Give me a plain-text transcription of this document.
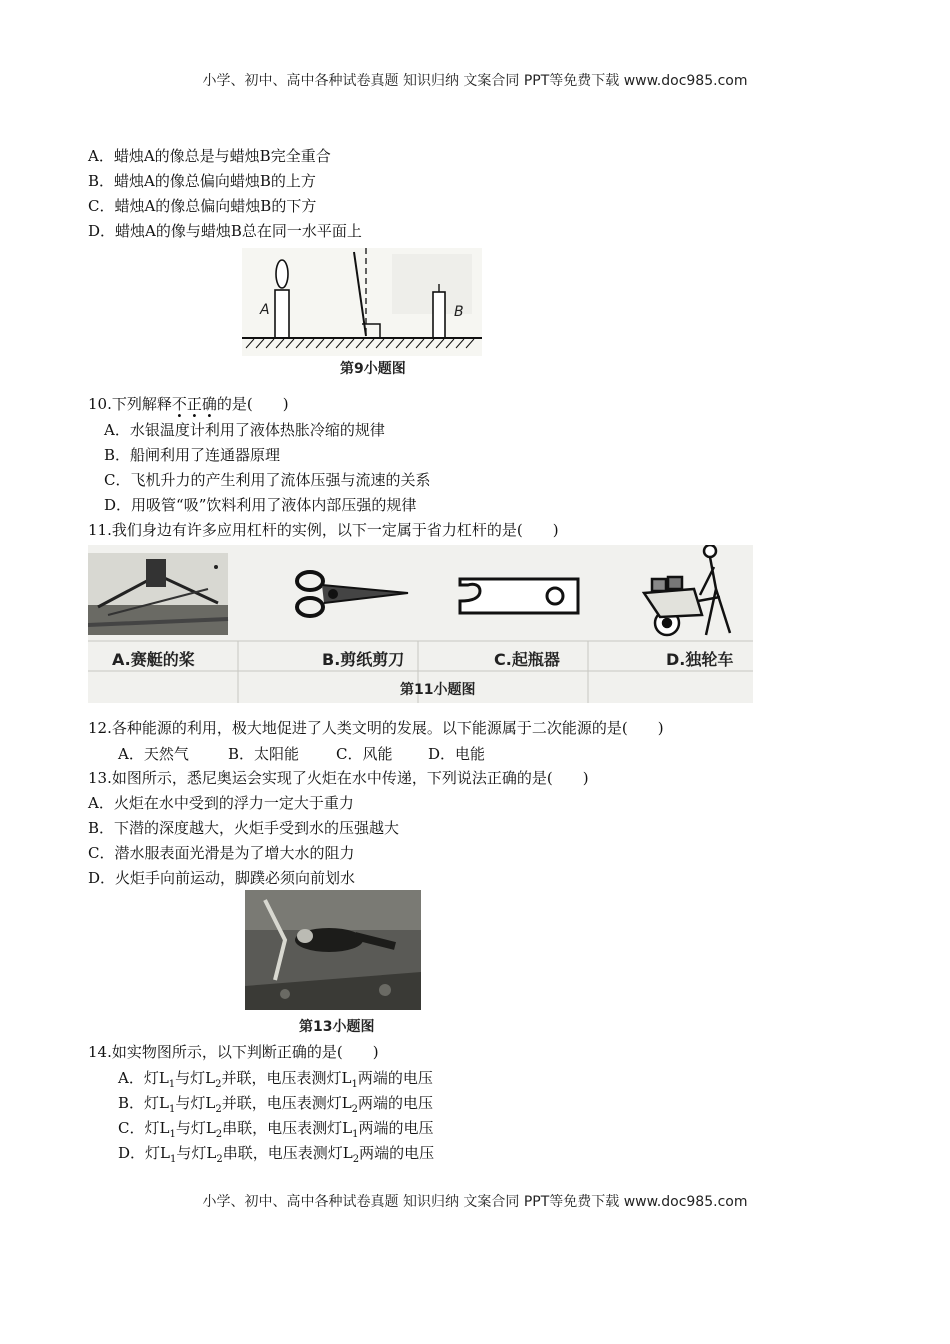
小学、初中、高中各种试卷真题 知识归纳 文案合同 PPT等免费下载 www.doc985.com
A．蜡烛A的像总是与蜡烛B完全重合
B．蜡烛A的像总偏向蜡烛B的上方
C．蜡烛A的像总偏向蜡烛B的下方
D．蜡烛A的像与蜡烛B总在同一水平面上
A	B
第9小题图
10.下列解释不正确的是(　　)
A．水银温度计利用了液体热胀冷缩的规律
B．船闸利用了连通器原理
C．飞机升力的产生利用了流体压强与流速的关系
D．用吸管“吸”饮料利用了液体内部压强的规律
11.我们身边有许多应用杠杆的实例，以下一定属于省力杠杆的是(　　)
A.赛艇的桨	B.剪纸剪刀	C.起瓶器	D.独轮车
第11小题图
12.各种能源的利用，极大地促进了人类文明的发展。以下能源属于二次能源的是(　　)
A．天然气	B．太阳能 C．风能 D．电能
13.如图所示，悉尼奥运会实现了火炬在水中传递，下列说法正确的是(　　)
A．火炬在水中受到的浮力一定大于重力
B．下潜的深度越大，火炬手受到水的压强越大
C．潜水服表面光滑是为了增大水的阻力
D．火炬手向前运动，脚蹼必须向前划水
第13小题图
14.如实物图所示，以下判断正确的是(　　)
A．灯$L_1$与灯$L_2$并联，电压表测灯$L_1$两端的电压
B．灯$L_1$与灯$L_2$并联，电压表测灯$L_2$两端的电压
C．灯$L_1$与灯$L_2$串联，电压表测灯$L_1$两端的电压
D．灯$L_1$与灯$L_2$串联，电压表测灯$L_2$两端的电压
小学、初中、高中各种试卷真题 知识归纳 文案合同 PPT等免费下载 www.doc985.com
